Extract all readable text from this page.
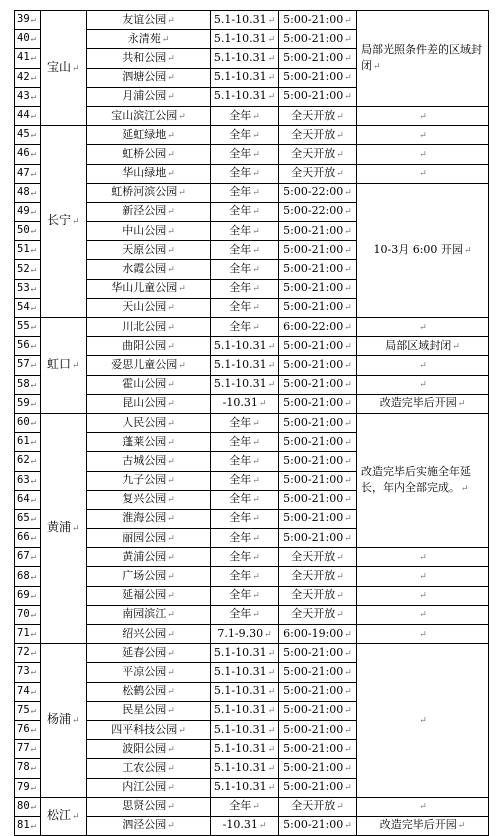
39↵	宝山↵	友谊公园↵	5.1-10.31↵	5:00-21:00↵	局部光照条件差的区域封闭↵
40↵		永清苑↵	5.1-10.31↵	5:00-21:00↵	
41↵		共和公园↵	5.1-10.31↵	5:00-21:00↵	
42↵		泗塘公园↵	5.1-10.31↵	5:00-21:00↵	
43↵		月浦公园↵	5.1-10.31↵	5:00-21:00↵	
44↵		宝山滨江公园↵	全年↵	全天开放↵	↵
45↵	长宁↵	延虹绿地↵	全年↵	全天开放↵	↵
46↵		虹桥公园↵	全年↵	全天开放↵	↵
47↵		华山绿地↵	全年↵	全天开放↵	↵
48↵		虹桥河滨公园↵	全年↵	5:00-22:00↵	10-3月 6:00 开园↵
49↵		新泾公园↵	全年↵	5:00-22:00↵	
50↵		中山公园↵	全年↵	5:00-21:00↵	
51↵		天原公园↵	全年↵	5:00-21:00↵	
52↵		水霞公园↵	全年↵	5:00-21:00↵	
53↵		华山儿童公园↵	全年↵	5:00-21:00↵	
54↵		天山公园↵	全年↵	5:00-21:00↵	
55↵	虹口↵	川北公园↵	全年↵	6:00-22:00↵	↵
56↵		曲阳公园↵	5.1-10.31↵	5:00-21:00↵	局部区域封闭↵
57↵		爱思儿童公园↵	5.1-10.31↵	5:00-21:00↵	↵
58↵		霍山公园↵	5.1-10.31↵	5:00-21:00↵	↵
59↵		昆山公园↵	-10.31↵	5:00-21:00↵	改造完毕后开园↵
60↵	黄浦↵	人民公园↵	全年↵	5:00-21:00↵	改造完毕后实施全年延长，年内全部完成。↵
61↵		蓬莱公园↵	全年↵	5:00-21:00↵	
62↵		古城公园↵	全年↵	5:00-21:00↵	
63↵		九子公园↵	全年↵	5:00-21:00↵	
64↵		复兴公园↵	全年↵	5:00-21:00↵	
65↵		淮海公园↵	全年↵	5:00-21:00↵	
66↵		丽园公园↵	全年↵	5:00-21:00↵	
67↵		黄浦公园↵	全年↵	全天开放↵	↵
68↵		广场公园↵	全年↵	全天开放↵	↵
69↵		延福公园↵	全年↵	全天开放↵	↵
70↵		南园滨江↵	全年↵	全天开放↵	↵
71↵		绍兴公园↵	7.1-9.30↵	6:00-19:00↵	↵
72↵	杨浦↵	延春公园↵	5.1-10.31↵	5:00-21:00↵	↵
73↵		平凉公园↵	5.1-10.31↵	5:00-21:00↵	
74↵		松鹤公园↵	5.1-10.31↵	5:00-21:00↵	
75↵		民星公园↵	5.1-10.31↵	5:00-21:00↵	
76↵		四平科技公园↵	5.1-10.31↵	5:00-21:00↵	
77↵		波阳公园↵	5.1-10.31↵	5:00-21:00↵	
78↵		工农公园↵	5.1-10.31↵	5:00-21:00↵	
79↵		内江公园↵	5.1-10.31↵	5:00-21:00↵	
80↵	松江↵	思贤公园↵	全年↵	全天开放↵	↵
81↵		泗泾公园↵	-10.31↵	5:00-21:00↵	改造完毕后开园↵
